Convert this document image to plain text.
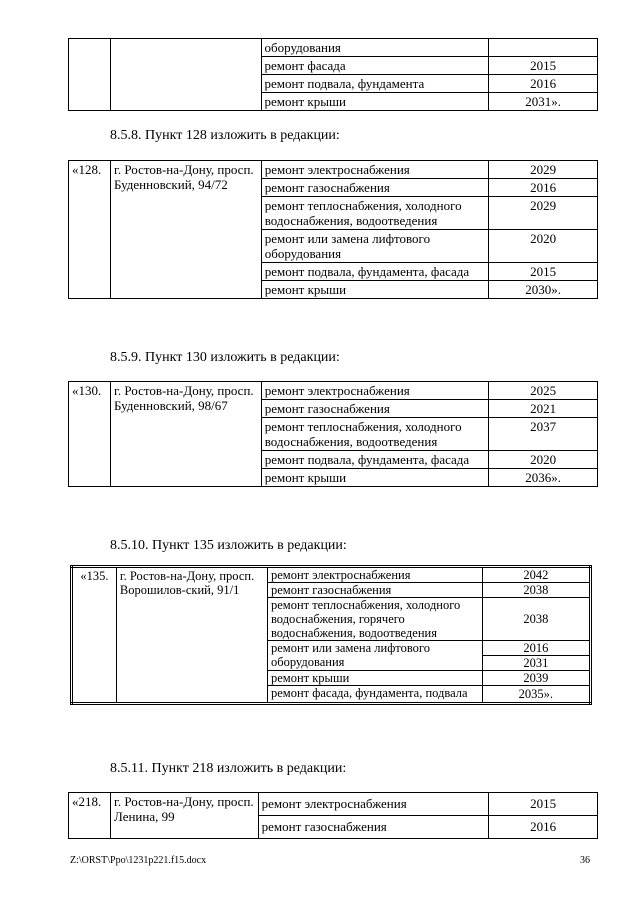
		оборудования	
		ремонт фасада	2015
		ремонт подвала, фундамента	2016
		ремонт крыши	2031».
8.5.8. Пункт 128 изложить в редакции:
«128.	г. Ростов-на-Дону, просп. Буденновский, 94/72	ремонт электроснабжения	2029
		ремонт газоснабжения	2016
		ремонт теплоснабжения, холодного водоснабжения, водоотведения	2029
		ремонт или замена лифтового оборудования	2020
		ремонт подвала, фундамента, фасада	2015
		ремонт крыши	2030».
8.5.9. Пункт 130 изложить в редакции:
«130.	г. Ростов-на-Дону, просп. Буденновский, 98/67	ремонт электроснабжения	2025
		ремонт газоснабжения	2021
		ремонт теплоснабжения, холодного водоснабжения, водоотведения	2037
		ремонт подвала, фундамента, фасада	2020
		ремонт крыши	2036».
8.5.10. Пункт 135 изложить в редакции:
«135.	г. Ростов-на-Дону, просп. Ворошилов-ский, 91/1	ремонт электроснабжения	2042
		ремонт газоснабжения	2038
		ремонт теплоснабжения, холодного водоснабжения, горячего водоснабжения, водоотведения	2038
		ремонт или замена лифтового оборудования	2016
			2031
		ремонт крыши	2039
		ремонт фасада, фундамента, подвала	2035».
8.5.11. Пункт 218 изложить в редакции:
«218.	г. Ростов-на-Дону, просп. Ленина, 99	ремонт электроснабжения	2015
		ремонт газоснабжения	2016
Z:\ORST\Ppo\1231p221.f15.docx	36
